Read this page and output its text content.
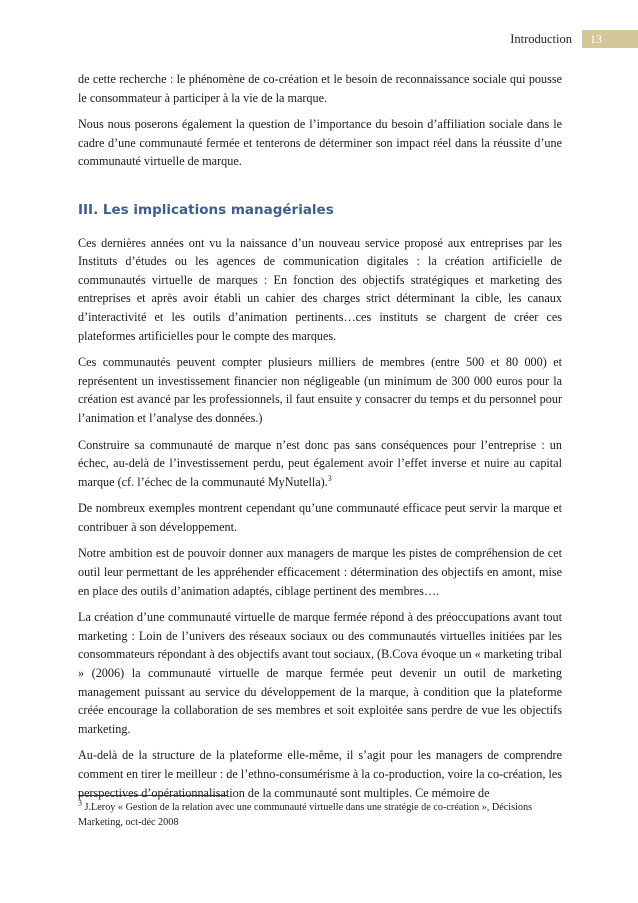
Introduction	13

de cette recherche : le phénomène de co-création et le besoin de reconnaissance sociale qui pousse le consommateur à participer à la vie de la marque.

Nous nous poserons également la question de l’importance du besoin d’affiliation sociale dans le cadre d’une communauté fermée et tenterons de déterminer son impact réel dans la réussite d’une communauté virtuelle de marque.

III. Les implications managériales

Ces dernières années ont vu la naissance d’un nouveau service proposé aux entreprises par les Instituts d’études ou les agences de communication digitales : la création artificielle de communautés virtuelle de marques : En fonction des objectifs stratégiques et marketing des entreprises et après avoir établi un cahier des charges strict déterminant la cible, les canaux d’interactivité et les outils d’animation pertinents…ces instituts se chargent de créer ces plateformes artificielles pour le compte des marques.

Ces communautés peuvent compter plusieurs milliers de membres (entre 500 et 80 000) et représentent un investissement financier non négligeable (un minimum de 300 000 euros pour la création est avancé par les professionnels, il faut ensuite y consacrer du temps et du personnel pour l’animation et l’analyse des données.)

Construire sa communauté de marque n’est donc pas sans conséquences pour l’entreprise : un échec, au-delà de l’investissement perdu, peut également avoir l’effet inverse et nuire au capital marque (cf. l’échec de la communauté MyNutella).$^3$

De nombreux exemples montrent cependant qu’une communauté efficace peut servir la marque et contribuer à son développement.

Notre ambition est de pouvoir donner aux managers de marque les pistes de compréhension de cet outil leur permettant de les appréhender efficacement : détermination des objectifs en amont, mise en place des outils d’animation adaptés, ciblage pertinent des membres….

La création d’une communauté virtuelle de marque fermée répond à des préoccupations avant tout marketing : Loin de l’univers des réseaux sociaux ou des communautés virtuelles initiées par les consommateurs répondant à des objectifs avant tout sociaux, (B.Cova évoque un « marketing tribal » (2006) la communauté virtuelle de marque fermée peut devenir un outil de marketing management puissant au service du développement de la marque, à condition que la plateforme créée encourage la collaboration de ses membres et soit exploitée sans perdre de vue les objectifs marketing.

Au-delà de la structure de la plateforme elle-même, il s’agit pour les managers de comprendre comment en tirer le meilleur : de l’ethno-consumérisme à la co-production, voire la co-création, les perspectives d’opérationnalisation de la communauté sont multiples. Ce mémoire de

$^3$ J.Leroy « Gestion de la relation avec une communauté virtuelle dans une stratégie de co-création », Décisions Marketing, oct-déc 2008
